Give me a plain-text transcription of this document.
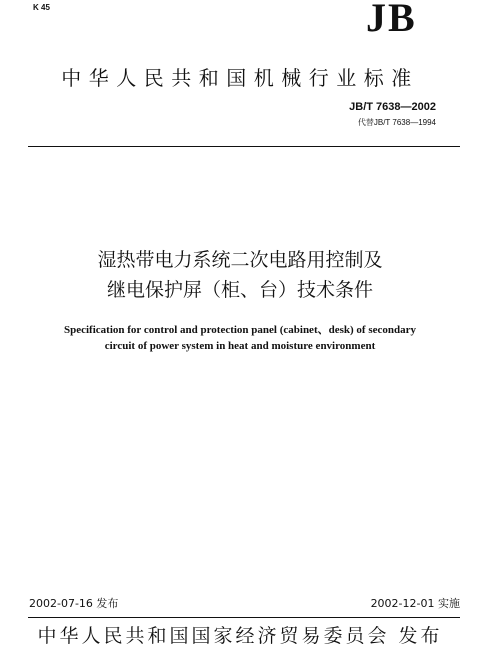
K 45	JB
中华人民共和国机械行业标准
JB/T 7638—2002
代替JB/T 7638—1994
湿热带电力系统二次电路用控制及
继电保护屏（柜、台）技术条件
Specification for control and protection panel (cabinet、desk) of secondary
circuit of power system in heat and moisture environment
2002-07-16 发布	2002-12-01 实施
中华人民共和国国家经济贸易委员会 发布
